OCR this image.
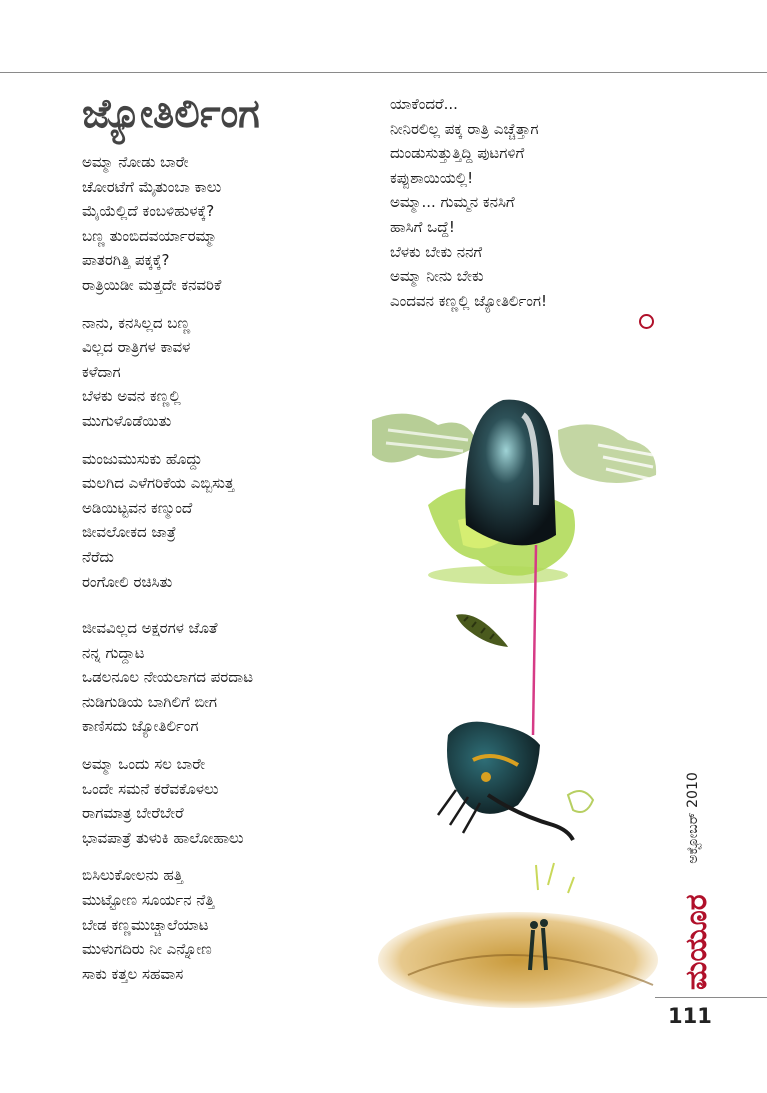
ಜ್ಯೋತಿರ್ಲಿಂಗ

ಅಮ್ಮಾ ನೋಡು ಬಾರೇ
ಚೋರಟೆಗೆ ಮೈತುಂಬಾ ಕಾಲು
ಮೈಯೆಲ್ಲಿದೆ ಕಂಬಳಿಹುಳಕ್ಕೆ?
ಬಣ್ಣ ತುಂಬಿದವರ್ಯಾರಮ್ಮಾ
ಪಾತರಗಿತ್ತಿ ಪಕ್ಕಕ್ಕೆ?
ರಾತ್ರಿಯಿಡೀ ಮತ್ತದೇ ಕನವರಿಕೆ

ನಾನು, ಕನಸಿಲ್ಲದ ಬಣ್ಣ
ವಿಲ್ಲದ ರಾತ್ರಿಗಳ ಕಾವಳ
ಕಳೆದಾಗ
ಬೆಳಕು ಅವನ ಕಣ್ಣಲ್ಲಿ
ಮುಗುಳೊಡೆಯಿತು

ಮಂಜುಮುಸುಕು ಹೊದ್ದು
ಮಲಗಿದ ಎಳೆಗರಿಕೆಯ ಎಬ್ಬಿಸುತ್ತ
ಅಡಿಯಿಟ್ಟವನ ಕಣ್ಮುಂದೆ
ಜೀವಲೋಕದ ಜಾತ್ರೆ
ನೆರೆದು
ರಂಗೋಲಿ ರಚಿಸಿತು

ಜೀವವಿಲ್ಲದ ಅಕ್ಷರಗಳ ಜೊತೆ
ನನ್ನ ಗುದ್ದಾಟ
ಒಡಲನೂಲ ನೇಯಲಾಗದ ಪರದಾಟ
ನುಡಿಗುಡಿಯ ಬಾಗಿಲಿಗೆ ಬೀಗ
ಕಾಣಿಸದು ಜ್ಯೋತಿರ್ಲಿಂಗ

ಅಮ್ಮಾ ಒಂದು ಸಲ ಬಾರೇ
ಒಂದೇ ಸಮನೆ ಕರೆವಕೊಳಲು
ರಾಗಮಾತ್ರ ಬೇರೆಬೇರೆ
ಭಾವಪಾತ್ರೆ ತುಳುಕಿ ಹಾಲೋಹಾಲು

ಬಿಸಿಲುಕೋಲನು ಹತ್ತಿ
ಮುಟ್ಟೋಣ ಸೂರ್ಯನ ನೆತ್ತಿ
ಬೇಡ ಕಣ್ಣಮುಚ್ಚಾಲೆಯಾಟ
ಮುಳುಗದಿರು ನೀ ಎನ್ನೋಣ
ಸಾಕು ಕತ್ತಲ ಸಹವಾಸ

ಯಾಕೆಂದರೆ...
ನೀನಿರಲಿಲ್ಲ ಪಕ್ಕ ರಾತ್ರಿ ಎಚ್ಚೆತ್ತಾಗ
ದುಂಡುಸುತ್ತುತ್ತಿದ್ದಿ ಪುಟಗಳಿಗೆ
ಕಪ್ಪುಶಾಯಿಯಲ್ಲಿ!
ಅಮ್ಮಾ... ಗುಮ್ಮನ ಕನಸಿಗೆ
ಹಾಸಿಗೆ ಒದ್ದೆ!
ಬೆಳಕು ಬೇಕು ನನಗೆ
ಅಮ್ಮಾ ನೀನು ಬೇಕು
ಎಂದವನ ಕಣ್ಣಲ್ಲಿ ಜ್ಯೋತಿರ್ಲಿಂಗ!

ಅಕ್ಟೋಬರ್ 2010
ಮಯೂರ
111
